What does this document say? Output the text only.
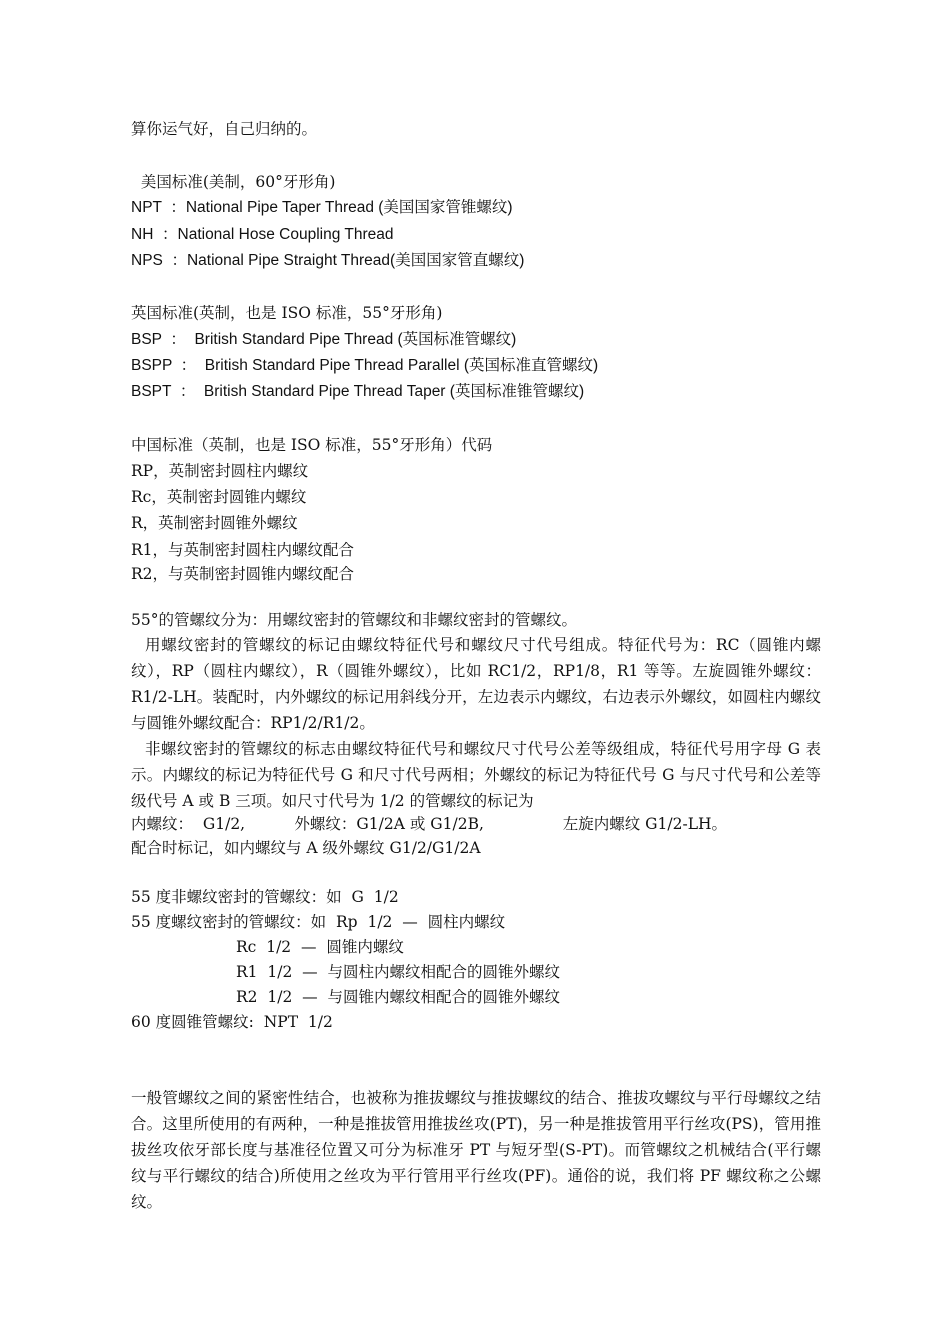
算你运气好，自己归纳的。

美国标准(美制，60°牙形角)

NPT  ：National Pipe Taper Thread (美国国家管锥螺纹)

NH  ：National Hose Coupling Thread

NPS  ：National Pipe Straight Thread(美国国家管直螺纹)

英国标准(英制，也是 ISO 标准，55°牙形角)

BSP  ：  British Standard Pipe Thread (英国标准管螺纹)

BSPP  ：  British Standard Pipe Thread Parallel (英国标准直管螺纹)

BSPT  ：  British Standard Pipe Thread Taper (英国标准锥管螺纹)

中国标准（英制，也是 ISO 标准，55°牙形角）代码

RP，英制密封圆柱内螺纹

Rc，英制密封圆锥内螺纹

R，英制密封圆锥外螺纹

R1，与英制密封圆柱内螺纹配合

R2，与英制密封圆锥内螺纹配合

55°的管螺纹分为：用螺纹密封的管螺纹和非螺纹密封的管螺纹。

用螺纹密封的管螺纹的标记由螺纹特征代号和螺纹尺寸代号组成。特征代号为：RC（圆锥内螺纹），RP（圆柱内螺纹），R（圆锥外螺纹），比如 RC1/2，RP1/8，R1 等等。左旋圆锥外螺纹：R1/2-LH。装配时，内外螺纹的标记用斜线分开，左边表示内螺纹，右边表示外螺纹，如圆柱内螺纹与圆锥外螺纹配合：RP1/2/R1/2。

非螺纹密封的管螺纹的标志由螺纹特征代号和螺纹尺寸代号公差等级组成，特征代号用字母 G 表示。内螺纹的标记为特征代号 G 和尺寸代号两相；外螺纹的标记为特征代号 G 与尺寸代号和公差等级代号 A 或 B 三项。如尺寸代号为 1/2 的管螺纹的标记为

内螺纹：  G1/2,          外螺纹：G1/2A 或 G1/2B,                左旋内螺纹 G1/2-LH。

配合时标记，如内螺纹与 A 级外螺纹 G1/2/G1/2A

55 度非螺纹密封的管螺纹：如  G  1/2

55 度螺纹密封的管螺纹：如  Rp  1/2  —  圆柱内螺纹

Rc  1/2  —  圆锥内螺纹

R1  1/2  —  与圆柱内螺纹相配合的圆锥外螺纹

R2  1/2  —  与圆锥内螺纹相配合的圆锥外螺纹

60 度圆锥管螺纹:  NPT  1/2

一般管螺纹之间的紧密性结合，也被称为推拔螺纹与推拔螺纹的结合、推拔攻螺纹与平行母螺纹之结合。这里所使用的有两种，一种是推拔管用推拔丝攻(PT)，另一种是推拔管用平行丝攻(PS)，管用推拔丝攻依牙部长度与基准径位置又可分为标准牙 PT 与短牙型(S-PT)。而管螺纹之机械结合(平行螺纹与平行螺纹的结合)所使用之丝攻为平行管用平行丝攻(PF)。通俗的说，我们将 PF 螺纹称之公螺纹。
